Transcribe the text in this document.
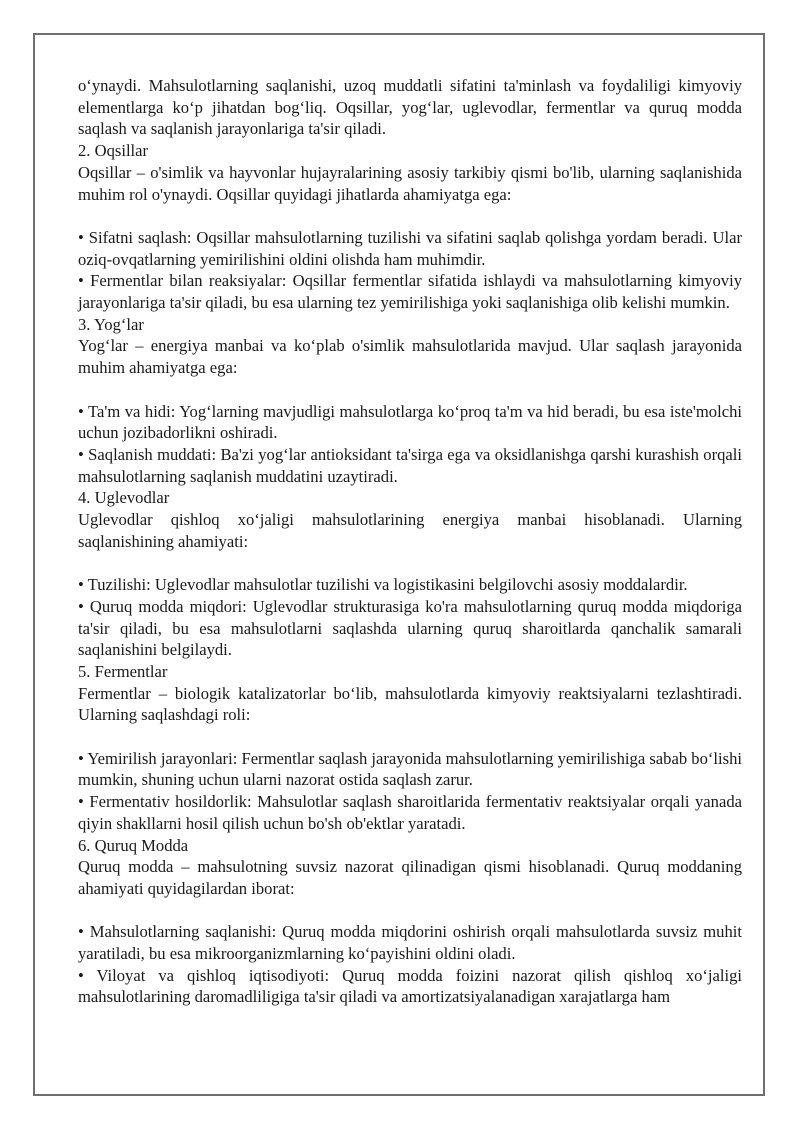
o‘ynaydi. Mahsulotlarning saqlanishi, uzoq muddatli sifatini ta'minlash va foydaliligi kimyoviy elementlarga ko‘p jihatdan bog‘liq. Oqsillar, yog‘lar, uglevodlar, fermentlar va quruq modda saqlash va saqlanish jarayonlariga ta'sir qiladi.

2. Oqsillar

Oqsillar – o'simlik va hayvonlar hujayralarining asosiy tarkibiy qismi bo'lib, ularning saqlanishida muhim rol o'ynaydi. Oqsillar quyidagi jihatlarda ahamiyatga ega:

• Sifatni saqlash: Oqsillar mahsulotlarning tuzilishi va sifatini saqlab qolishga yordam beradi. Ular oziq-ovqatlarning yemirilishini oldini olishda ham muhimdir.

• Fermentlar bilan reaksiyalar: Oqsillar fermentlar sifatida ishlaydi va mahsulotlarning kimyoviy jarayonlariga ta'sir qiladi, bu esa ularning tez yemirilishiga yoki saqlanishiga olib kelishi mumkin.

3. Yog‘lar

Yog‘lar – energiya manbai va ko‘plab o'simlik mahsulotlarida mavjud. Ular saqlash jarayonida muhim ahamiyatga ega:

• Ta'm va hidi: Yog‘larning mavjudligi mahsulotlarga ko‘proq ta'm va hid beradi, bu esa iste'molchi uchun jozibadorlikni oshiradi.

• Saqlanish muddati: Ba'zi yog‘lar antioksidant ta'sirga ega va oksidlanishga qarshi kurashish orqali mahsulotlarning saqlanish muddatini uzaytiradi.

4. Uglevodlar

Uglevodlar qishloq xo‘jaligi mahsulotlarining energiya manbai hisoblanadi. Ularning saqlanishining ahamiyati:

• Tuzilishi: Uglevodlar mahsulotlar tuzilishi va logistikasini belgilovchi asosiy moddalardir.

• Quruq modda miqdori: Uglevodlar strukturasiga ko'ra mahsulotlarning quruq modda miqdoriga ta'sir qiladi, bu esa mahsulotlarni saqlashda ularning quruq sharoitlarda qanchalik samarali saqlanishini belgilaydi.

5. Fermentlar

Fermentlar – biologik katalizatorlar bo‘lib, mahsulotlarda kimyoviy reaktsiyalarni tezlashtiradi. Ularning saqlashdagi roli:

• Yemirilish jarayonlari: Fermentlar saqlash jarayonida mahsulotlarning yemirilishiga sabab bo‘lishi mumkin, shuning uchun ularni nazorat ostida saqlash zarur.

• Fermentativ hosildorlik: Mahsulotlar saqlash sharoitlarida fermentativ reaktsiyalar orqali yanada qiyin shakllarni hosil qilish uchun bo'sh ob'ektlar yaratadi.

6. Quruq Modda

Quruq modda – mahsulotning suvsiz nazorat qilinadigan qismi hisoblanadi. Quruq moddaning ahamiyati quyidagilardan iborat:

• Mahsulotlarning saqlanishi: Quruq modda miqdorini oshirish orqali mahsulotlarda suvsiz muhit yaratiladi, bu esa mikroorganizmlarning ko‘payishini oldini oladi.

• Viloyat va qishloq iqtisodiyoti: Quruq modda foizini nazorat qilish qishloq xo‘jaligi mahsulotlarining daromadliligiga ta'sir qiladi va amortizatsiyalanadigan xarajatlarga ham
